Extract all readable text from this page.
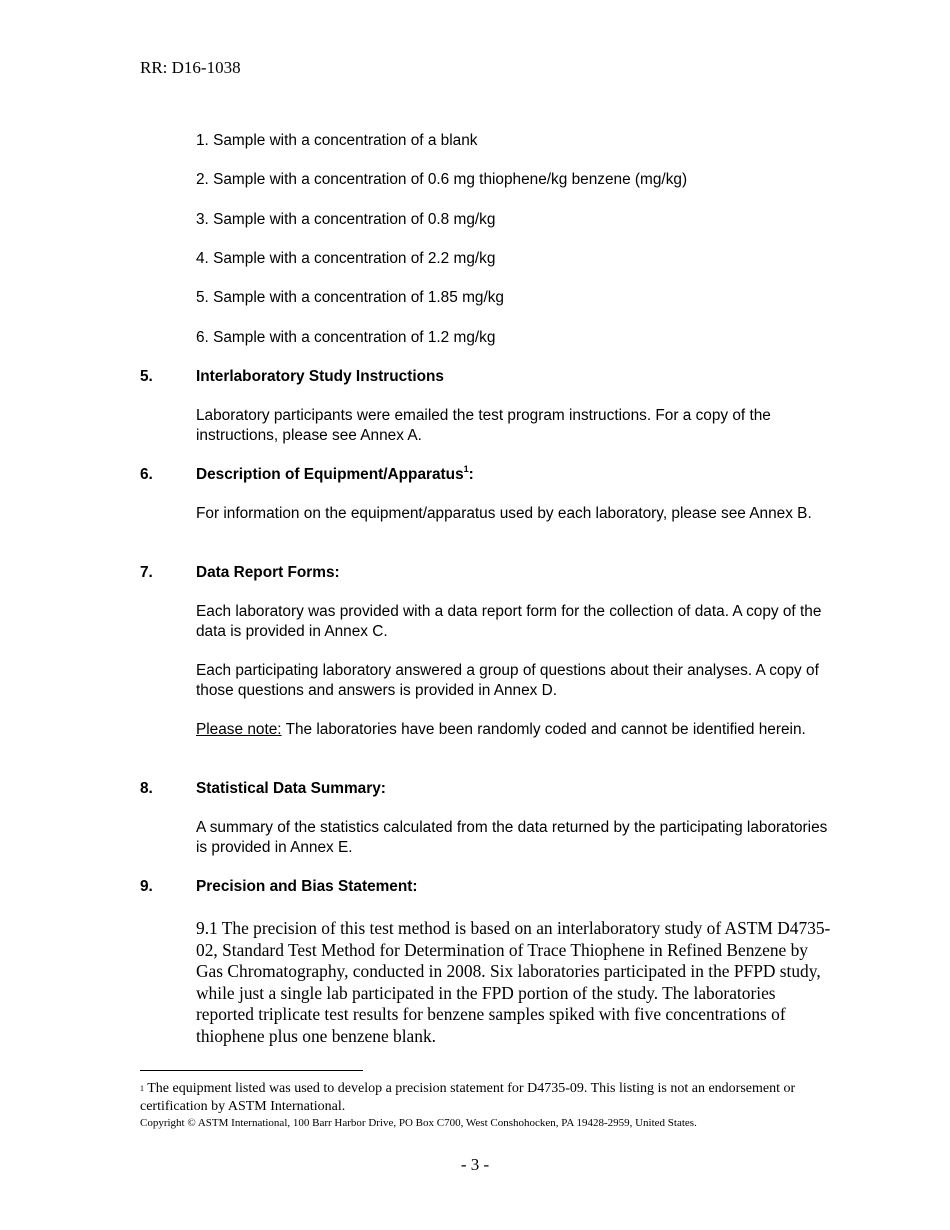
RR: D16-1038
1. Sample with a concentration of a blank
2. Sample with a concentration of 0.6 mg thiophene/kg benzene (mg/kg)
3. Sample with a concentration of 0.8 mg/kg
4. Sample with a concentration of 2.2 mg/kg
5. Sample with a concentration of 1.85 mg/kg
6. Sample with a concentration of 1.2 mg/kg
5.	Interlaboratory Study Instructions
Laboratory participants were emailed the test program instructions. For a copy of the instructions, please see Annex A.
6.	Description of Equipment/Apparatus$^1$:
For information on the equipment/apparatus used by each laboratory, please see Annex B.
7.	Data Report Forms:
Each laboratory was provided with a data report form for the collection of data. A copy of the data is provided in Annex C.
Each participating laboratory answered a group of questions about their analyses. A copy of those questions and answers is provided in Annex D.
Please note: The laboratories have been randomly coded and cannot be identified herein.
8.	Statistical Data Summary:
A summary of the statistics calculated from the data returned by the participating laboratories is provided in Annex E.
9.	Precision and Bias Statement:
9.1 The precision of this test method is based on an interlaboratory study of ASTM D4735-02, Standard Test Method for Determination of Trace Thiophene in Refined Benzene by Gas Chromatography, conducted in 2008. Six laboratories participated in the PFPD study, while just a single lab participated in the FPD portion of the study. The laboratories reported triplicate test results for benzene samples spiked with five concentrations of thiophene plus one benzene blank.
$^1$ The equipment listed was used to develop a precision statement for D4735-09. This listing is not an endorsement or certification by ASTM International.
Copyright © ASTM International, 100 Barr Harbor Drive, PO Box C700, West Conshohocken, PA 19428-2959, United States.
- 3 -
